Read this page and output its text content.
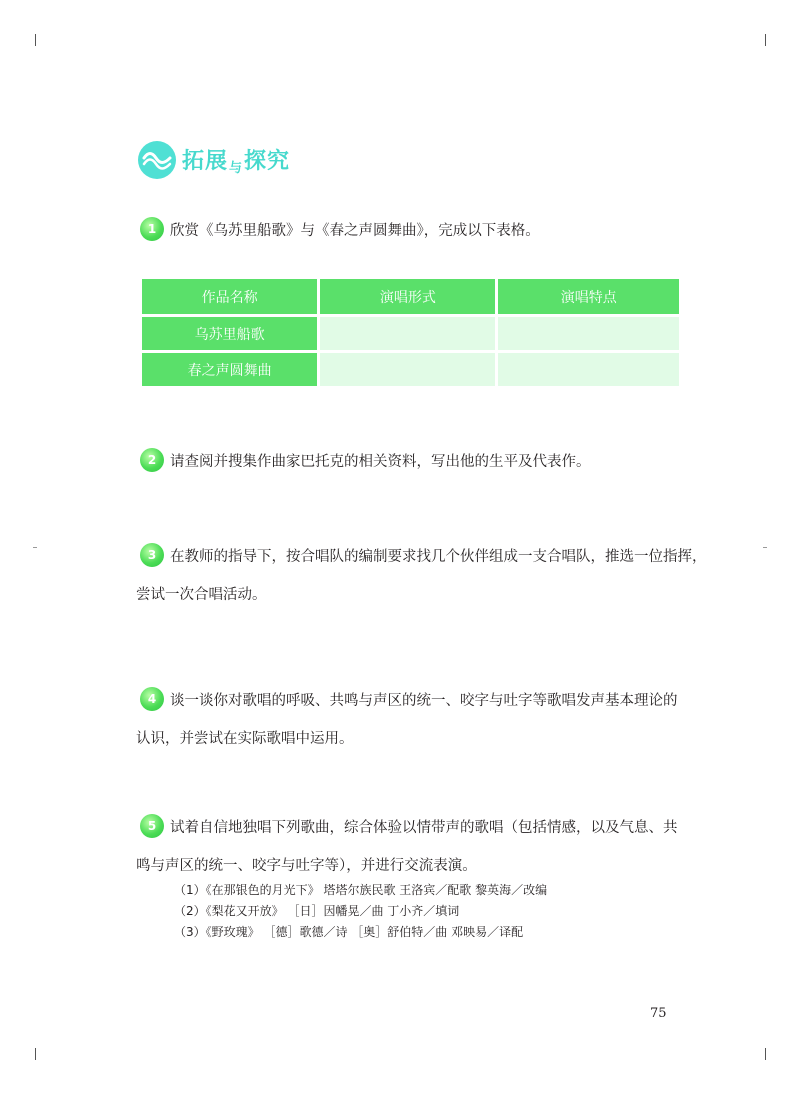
拓展与探究
1 欣赏《乌苏里船歌》与《春之声圆舞曲》，完成以下表格。
作品名称	演唱形式	演唱特点
乌苏里船歌		
春之声圆舞曲		
2 请查阅并搜集作曲家巴托克的相关资料，写出他的生平及代表作。
3 在教师的指导下，按合唱队的编制要求找几个伙伴组成一支合唱队，推选一位指挥，
尝试一次合唱活动。
4 谈一谈你对歌唱的呼吸、共鸣与声区的统一、咬字与吐字等歌唱发声基本理论的
认识，并尝试在实际歌唱中运用。
5 试着自信地独唱下列歌曲，综合体验以情带声的歌唱（包括情感，以及气息、共
鸣与声区的统一、咬字与吐字等），并进行交流表演。
（1）《在那银色的月光下》 塔塔尔族民歌 王洛宾／配歌 黎英海／改编
（2）《梨花又开放》 ［日］因幡晃／曲 丁小齐／填词
（3）《野玫瑰》 ［德］歌德／诗 ［奥］舒伯特／曲 邓映易／译配
75
